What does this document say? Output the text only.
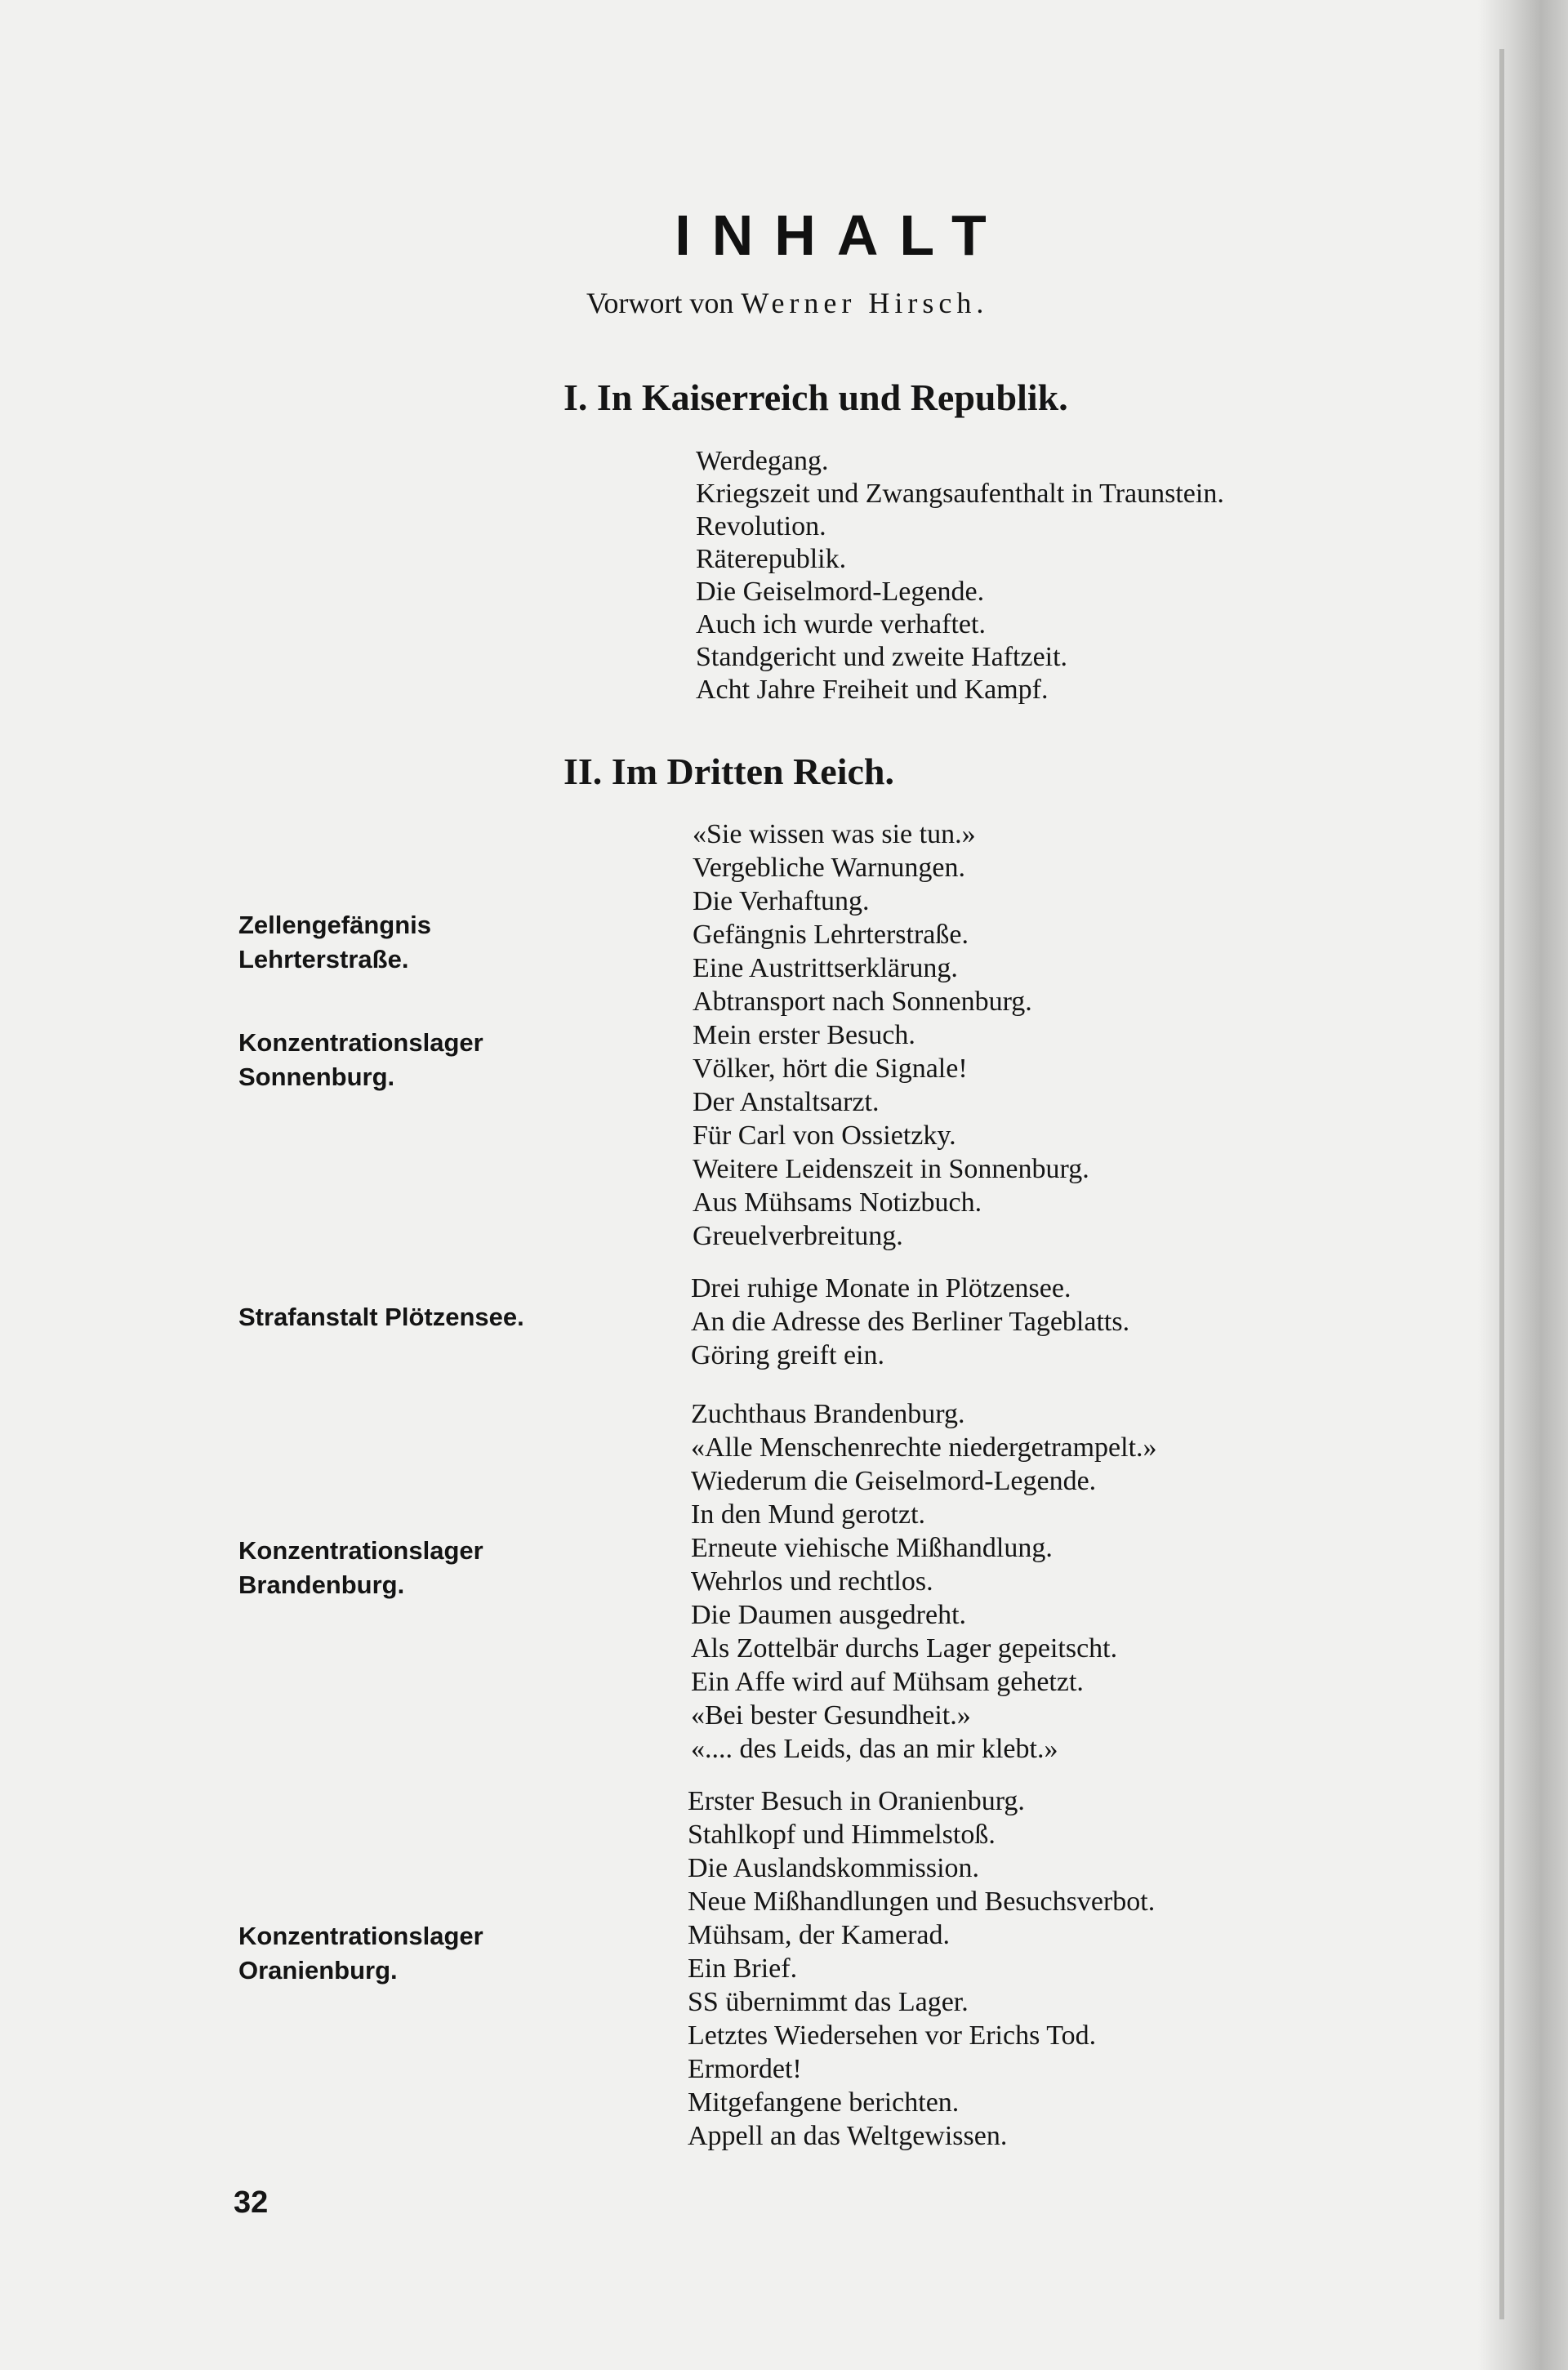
INHALT
Vorwort von Werner Hirsch.
I. In Kaiserreich und Republik.
II. Im Dritten Reich.
Zellengefängnis
Lehrterstraße.
Konzentrationslager
Sonnenburg.
Strafanstalt Plötzensee.
Konzentrationslager
Brandenburg.
Konzentrationslager
Oranienburg.
Werdegang.
Kriegszeit und Zwangsaufenthalt in Traunstein.
Revolution.
Räterepublik.
Die Geiselmord-Legende.
Auch ich wurde verhaftet.
Standgericht und zweite Haftzeit.
Acht Jahre Freiheit und Kampf.
«Sie wissen was sie tun.»
Vergebliche Warnungen.
Die Verhaftung.
Gefängnis Lehrterstraße.
Eine Austrittserklärung.
Abtransport nach Sonnenburg.
Mein erster Besuch.
Völker, hört die Signale!
Der Anstaltsarzt.
Für Carl von Ossietzky.
Weitere Leidenszeit in Sonnenburg.
Aus Mühsams Notizbuch.
Greuelverbreitung.
Drei ruhige Monate in Plötzensee.
An die Adresse des Berliner Tageblatts.
Göring greift ein.
Zuchthaus Brandenburg.
«Alle Menschenrechte niedergetrampelt.»
Wiederum die Geiselmord-Legende.
In den Mund gerotzt.
Erneute viehische Mißhandlung.
Wehrlos und rechtlos.
Die Daumen ausgedreht.
Als Zottelbär durchs Lager gepeitscht.
Ein Affe wird auf Mühsam gehetzt.
«Bei bester Gesundheit.»
«.... des Leids, das an mir klebt.»
Erster Besuch in Oranienburg.
Stahlkopf und Himmelstoß.
Die Auslandskommission.
Neue Mißhandlungen und Besuchsverbot.
Mühsam, der Kamerad.
Ein Brief.
SS übernimmt das Lager.
Letztes Wiedersehen vor Erichs Tod.
Ermordet!
Mitgefangene berichten.
Appell an das Weltgewissen.
32
